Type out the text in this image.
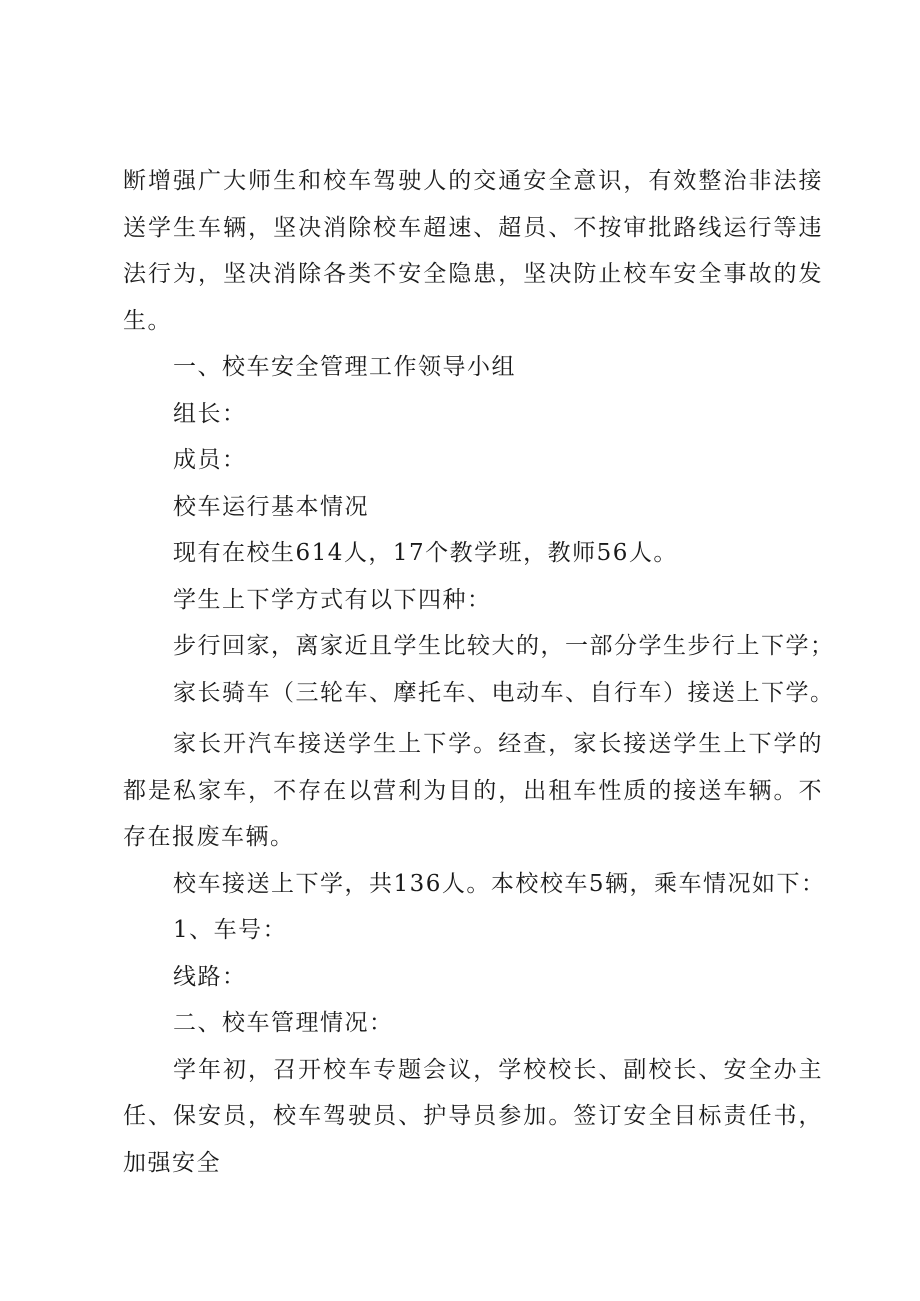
断增强广大师生和校车驾驶人的交通安全意识，有效整治非法接送学生车辆，坚决消除校车超速、超员、不按审批路线运行等违法行为，坚决消除各类不安全隐患，坚决防止校车安全事故的发生。

一、校车安全管理工作领导小组

组长：

成员：

校车运行基本情况

现有在校生614人，17个教学班，教师56人。

学生上下学方式有以下四种：

步行回家，离家近且学生比较大的，一部分学生步行上下学；

家长骑车（三轮车、摩托车、电动车、自行车）接送上下学。

家长开汽车接送学生上下学。经查，家长接送学生上下学的都是私家车，不存在以营利为目的，出租车性质的接送车辆。不存在报废车辆。

校车接送上下学，共136人。本校校车5辆，乘车情况如下：

1、车号：

线路：

二、校车管理情况：

学年初，召开校车专题会议，学校校长、副校长、安全办主任、保安员，校车驾驶员、护导员参加。签订安全目标责任书，加强安全
